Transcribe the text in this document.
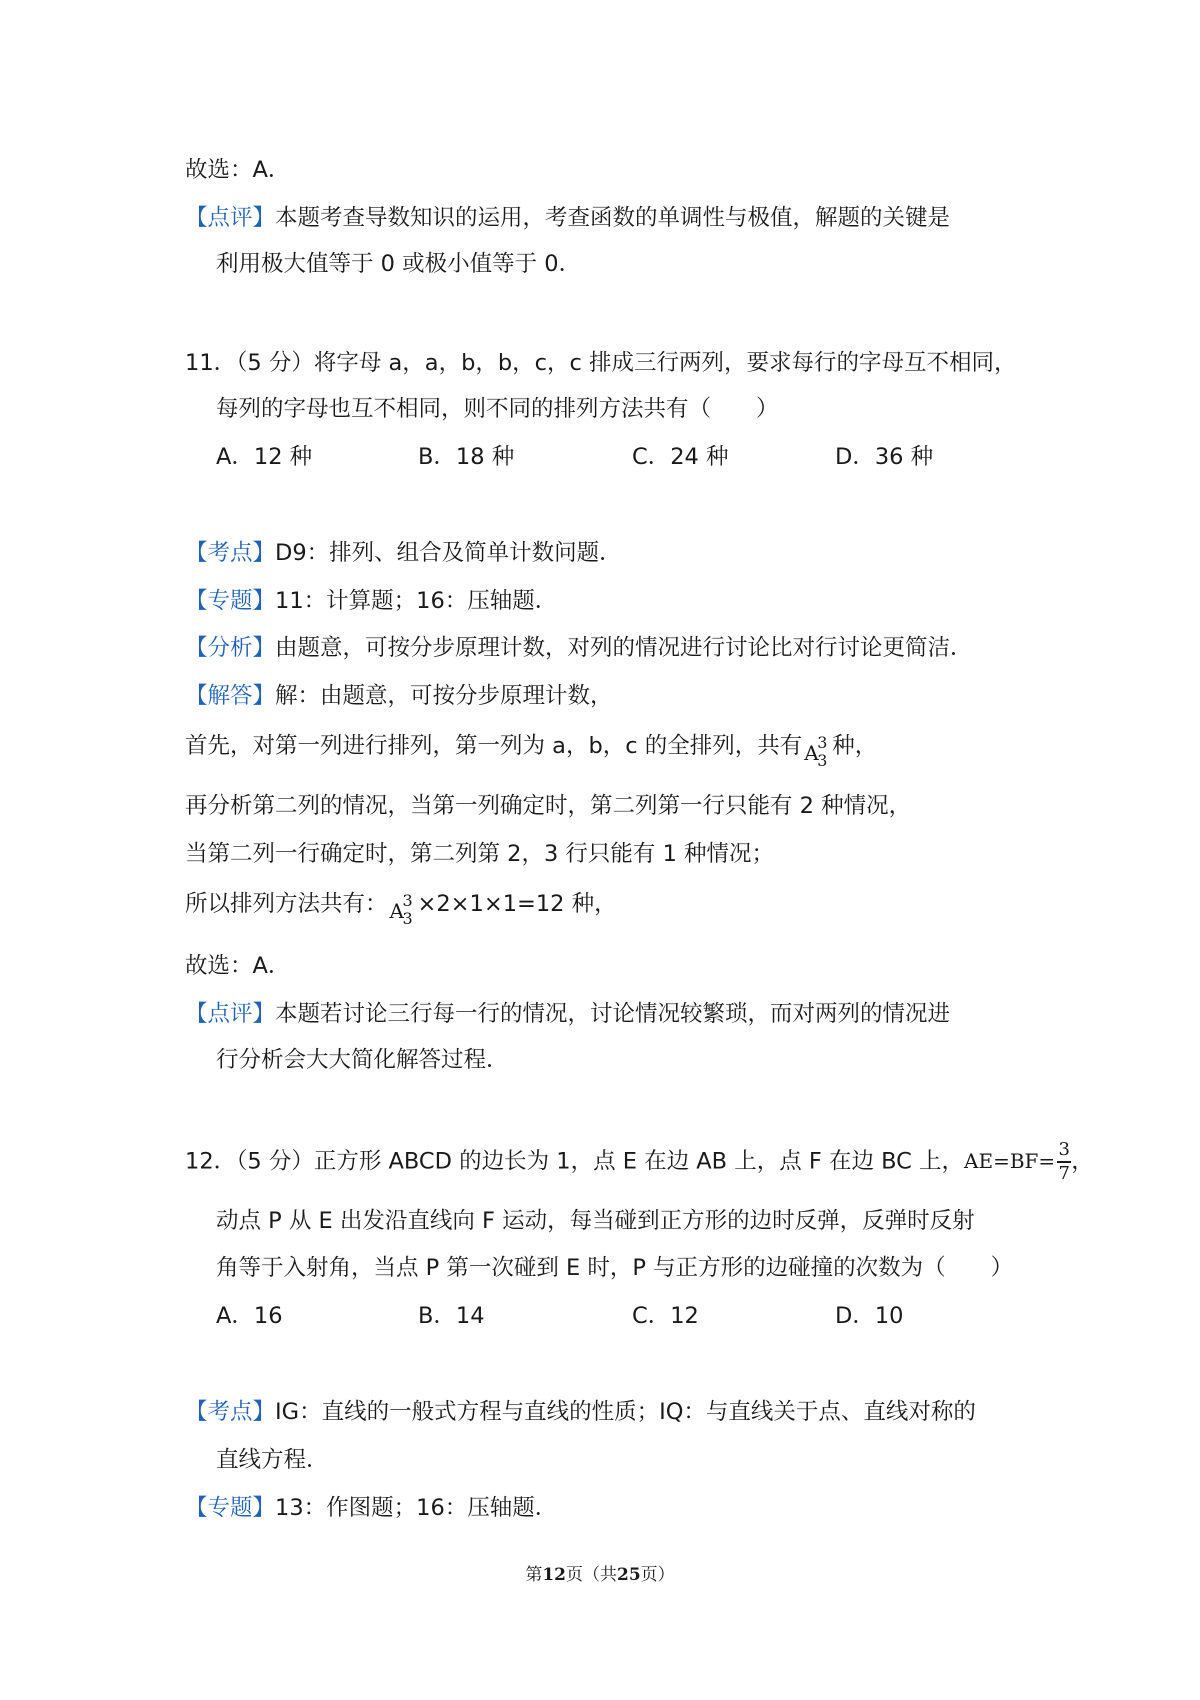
故选：A．
【点评】本题考查导数知识的运用，考查函数的单调性与极值，解题的关键是
利用极大值等于 0 或极小值等于 0．
11．（5 分）将字母 a，a，b，b，c，c 排成三行两列，要求每行的字母互不相同，
每列的字母也互不相同，则不同的排列方法共有（　　）
A．12 种	B．18 种	C．24 种	D．36 种
【考点】D9：排列、组合及简单计数问题．
【专题】11：计算题；16：压轴题．
【分析】由题意，可按分步原理计数，对列的情况进行讨论比对行讨论更简洁．
【解答】解：由题意，可按分步原理计数，
首先，对第一列进行排列，第一列为 a，b，c 的全排列，共有 A
3
3
种，
再分析第二列的情况，当第一列确定时，第二列第一行只能有 2 种情况，
当第二列一行确定时，第二列第 2，3 行只能有 1 种情况；
所以排列方法共有： A
3
3
×2×1×1=12 种，
故选：A．
【点评】本题若讨论三行每一行的情况，讨论情况较繁琐，而对两列的情况进
行分析会大大简化解答过程．
12．（5 分）正方形 ABCD 的边长为 1，点 E 在边 AB 上，点 F 在边 BC 上，$AE=BF= \frac{3}{7}$ ，
动点 P 从 E 出发沿直线向 F 运动，每当碰到正方形的边时反弹，反弹时反射
角等于入射角，当点 P 第一次碰到 E 时，P 与正方形的边碰撞的次数为（　　）
A．16	B．14	C．12	D．10
【考点】IG：直线的一般式方程与直线的性质；IQ：与直线关于点、直线对称的
直线方程．
【专题】13：作图题；16：压轴题．
第12页（共25页）
